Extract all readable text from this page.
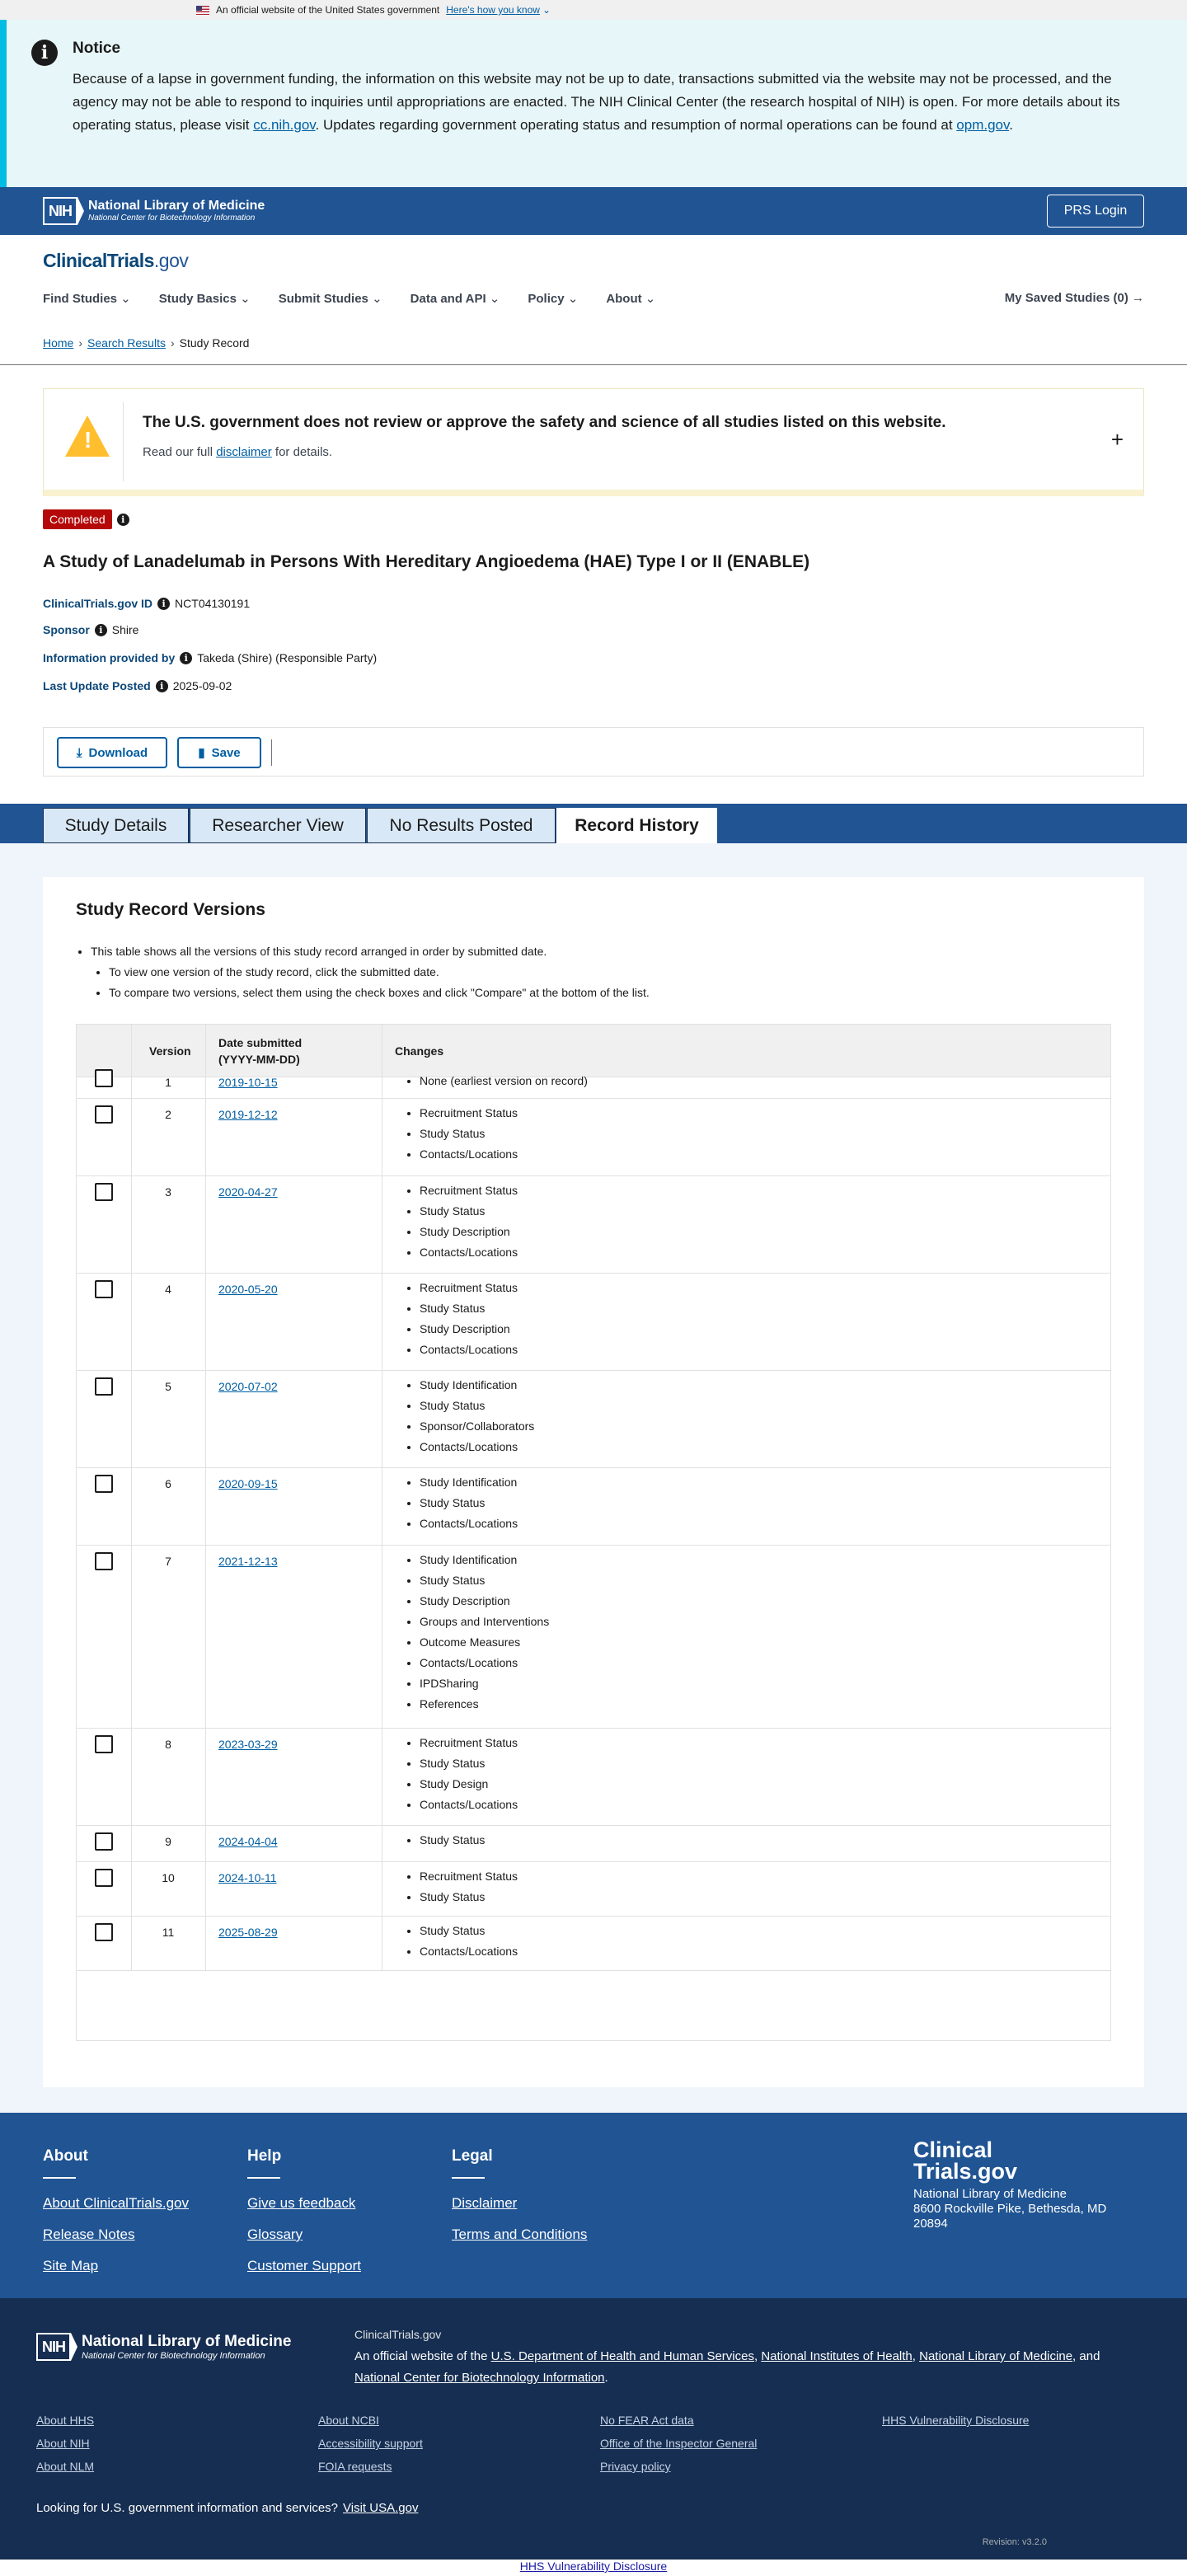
An official website of the United States government Here's how you know ⌄
i	Notice

Because of a lapse in government funding, the information on this website may not be up to date, transactions submitted via the website may not be processed, and the agency may not be able to respond to inquiries until appropriations are enacted. The NIH Clinical Center (the research hospital of NIH) is open. For more details about its operating status, please visit cc.nih.gov. Updates regarding government operating status and resumption of normal operations can be found at opm.gov.

NIH	National Library of Medicine
National Center for Biotechnology Information
PRS Login
ClinicalTrials.gov
Find Studies ⌄	Study Basics ⌄	Submit Studies ⌄	Data and API ⌄	Policy ⌄	About ⌄	My Saved Studies (0) →
Home › Search Results › Study Record
!
The U.S. government does not review or approve the safety and science of all studies listed on this website.

Read our full disclaimer for details.

+
Completed	i
A Study of Lanadelumab in Persons With Hereditary Angioedema (HAE) Type I or II (ENABLE)
ClinicalTrials.gov ID	i NCT04130191
Sponsor	i Shire
Information provided by	i Takeda (Shire) (Responsible Party)
Last Update Posted	i 2025-09-02
⤓ Download	▮ Save
Study Details	Researcher View	No Results Posted	Record History
Study Record Versions
• This table shows all the versions of this study record arranged in order by submitted date.
• To view one version of the study record, click the submitted date.
• To compare two versions, select them using the check boxes and click "Compare" at the bottom of the list.
Version
Date submitted
(YYYY-MM-DD)
Changes
1	2019-10-15	• None (earliest version on record)
2	2019-12-12	• Recruitment Status
• Study Status
• Contacts/Locations
3	2020-04-27	• Recruitment Status
• Study Status
• Study Description
• Contacts/Locations
4	2020-05-20	• Recruitment Status
• Study Status
• Study Description
• Contacts/Locations
5	2020-07-02	• Study Identification
• Study Status
• Sponsor/Collaborators
• Contacts/Locations
6	2020-09-15	• Study Identification
• Study Status
• Contacts/Locations
7	2021-12-13	• Study Identification
• Study Status
• Study Description
• Groups and Interventions
• Outcome Measures
• Contacts/Locations
• IPDSharing
• References
8	2023-03-29	• Recruitment Status
• Study Status
• Study Design
• Contacts/Locations
9	2024-04-04	• Study Status
10	2024-10-11	• Recruitment Status
• Study Status
11	2025-08-29	• Study Status
• Contacts/Locations
About
About ClinicalTrials.gov
Release Notes
Site Map
Help
Give us feedback
Glossary
Customer Support
Legal
Disclaimer
Terms and Conditions
Clinical
Trials.gov
National Library of Medicine
8600 Rockville Pike, Bethesda, MD 20894
NIH	National Library of Medicine
National Center for Biotechnology Information
ClinicalTrials.gov
An official website of the U.S. Department of Health and Human Services, National Institutes of Health, National Library of Medicine, and National Center for Biotechnology Information.
About HHS
About NIH
About NLM
About NCBI
Accessibility support
FOIA requests
No FEAR Act data
Office of the Inspector General
Privacy policy
HHS Vulnerability Disclosure
Looking for U.S. government information and services? Visit USA.gov
Revision: v3.2.0
HHS Vulnerability Disclosure
